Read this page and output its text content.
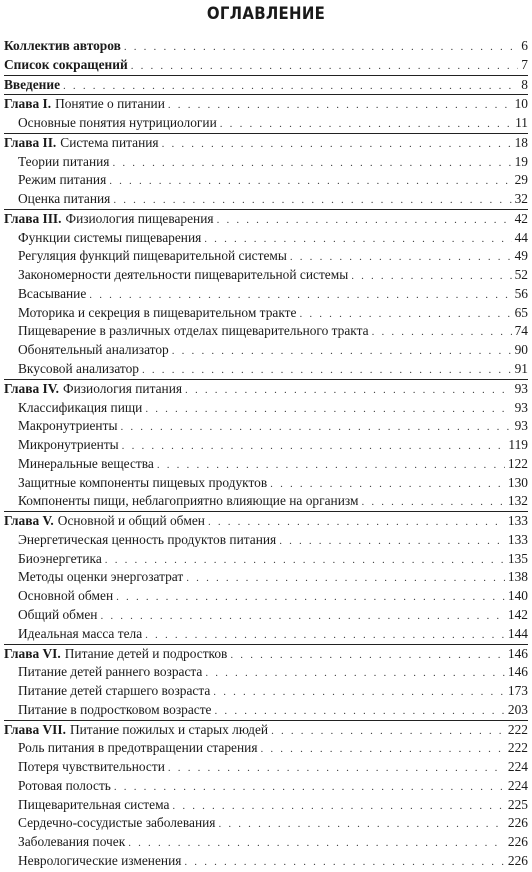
ОГЛАВЛЕНИЕ
Коллектив авторов . . .	6
Список сокращений . . .	7
Введение . . .	8
Глава I. Понятие о питании . . .	10
Основные понятия нутрициологии . . .	11
Глава II. Система питания . . .	18
Теории питания . . .	19
Режим питания . . .	29
Оценка питания . . .	32
Глава III. Физиология пищеварения . . .	42
Функции системы пищеварения . . .	44
Регуляция функций пищеварительной системы . . .	49
Закономерности деятельности пищеварительной системы . . .	52
Всасывание . . .	56
Моторика и секреция в пищеварительном тракте . . .	65
Пищеварение в различных отделах пищеварительного тракта . . .	74
Обонятельный анализатор . . .	90
Вкусовой анализатор . . .	91
Глава IV. Физиология питания . . .	93
Классификация пищи . . .	93
Макронутриенты . . .	93
Микронутриенты . . .	119
Минеральные вещества . . .	122
Защитные компоненты пищевых продуктов . . .	130
Компоненты пищи, неблагоприятно влияющие на организм . . .	132
Глава V. Основной и общий обмен . . .	133
Энергетическая ценность продуктов питания . . .	133
Биоэнергетика . . .	135
Методы оценки энергозатрат . . .	138
Основной обмен . . .	140
Общий обмен . . .	142
Идеальная масса тела . . .	144
Глава VI. Питание детей и подростков . . .	146
Питание детей раннего возраста . . .	146
Питание детей старшего возраста . . .	173
Питание в подростковом возрасте . . .	203
Глава VII. Питание пожилых и старых людей . . .	222
Роль питания в предотвращении старения . . .	222
Потеря чувствительности . . .	224
Ротовая полость . . .	224
Пищеварительная система . . .	225
Сердечно-сосудистые заболевания . . .	226
Заболевания почек . . .	226
Неврологические изменения . . .	226
